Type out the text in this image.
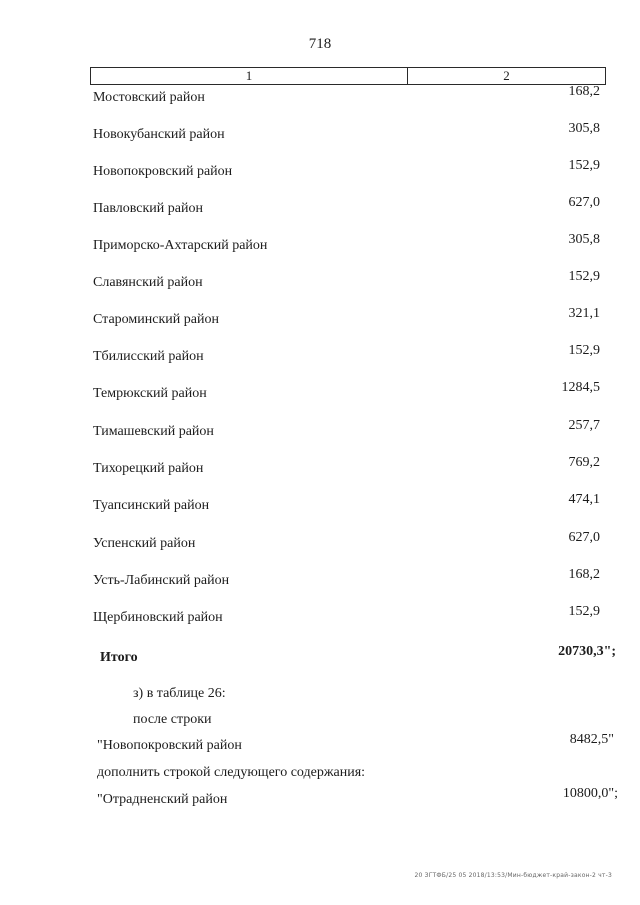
718
1	2
Мостовский район	168,2
Новокубанский район	305,8
Новопокровский район	152,9
Павловский район	627,0
Приморско-Ахтарский район	305,8
Славянский район	152,9
Староминский район	321,1
Тбилисский район	152,9
Темрюкский район	1284,5
Тимашевский район	257,7
Тихорецкий район	769,2
Туапсинский район	474,1
Успенский район	627,0
Усть-Лабинский район	168,2
Щербиновский район	152,9
Итого	20730,3";
з) в таблице 26:
после строки
"Новопокровский район	8482,5"
дополнить строкой следующего содержания:
"Отрадненский район	10800,0";
20 ЗГТФБ/25 05 2018/13:53/Мин-бюджет-край-закон-2 чт-3
